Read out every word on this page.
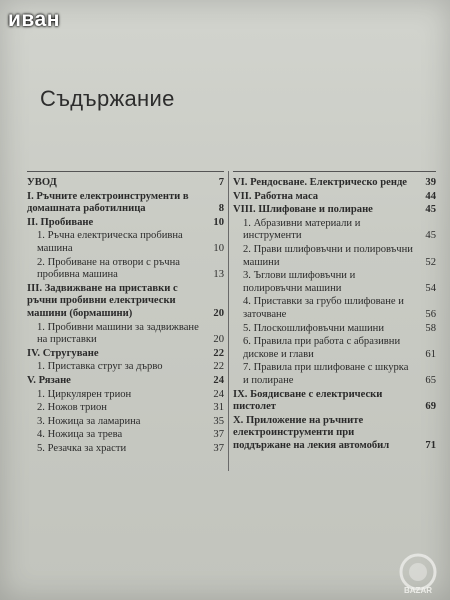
иван
Съдържание
УВОД	7
I. Ръчните електроинструменти в домашната работилница	8
II. Пробиване	10
1. Ръчна електрическа пробивна машина	10
2. Пробиване на отвори с ръчна пробивна машина	13
III. Задвижване на приставки с ръчни пробивни електрически машини (бормашини)	20
1. Пробивни машини за задвижване на приставки	20
IV. Стругуване	22
1. Приставка струг за дърво	22
V. Рязане	24
1. Циркулярен трион	24
2. Ножов трион	31
3. Ножица за ламарина	35
4. Ножица за трева	37
5. Резачка за храсти	37
VI. Рендосване. Електрическо ренде	39
VII. Работна маса	44
VIII. Шлифоване и полиране	45
1. Абразивни материали и инструменти	45
2. Прави шлифовъчни и полировъчни машини	52
3. Ъглови шлифовъчни и полировъчни машини	54
4. Приставки за грубо шлифоване и заточване	56
5. Плоскошлифовъчни машини	58
6. Правила при работа с абразивни дискове и глави	61
7. Правила при шлифоване с шкурка и полиране	65
IX. Боядисване с електрически пистолет	69
X. Приложение на ръчните електроинструменти при поддържане на лекия автомобил	71
BAZAR
